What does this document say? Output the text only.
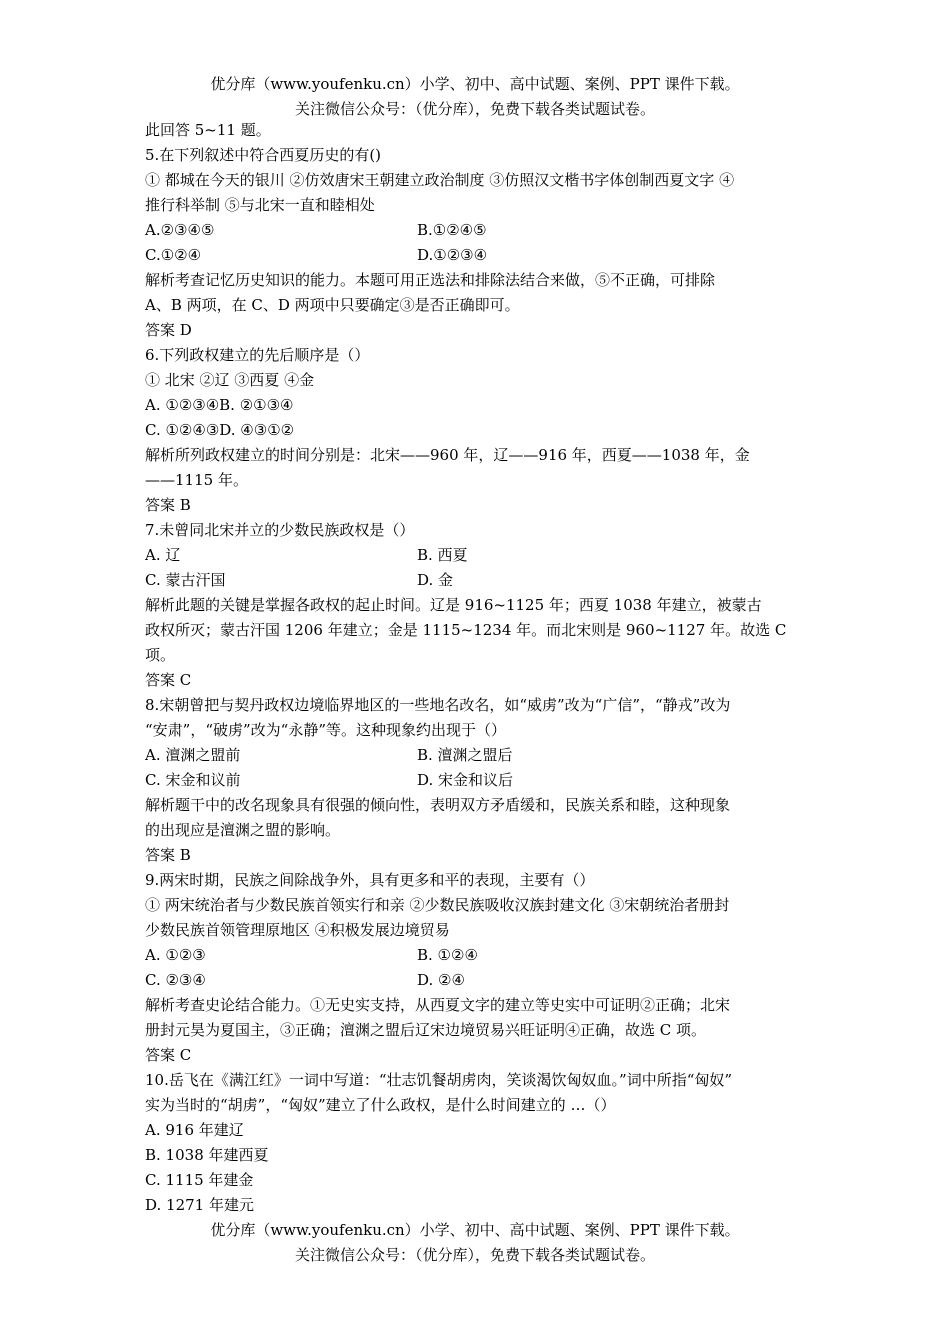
优分库（www.youfenku.cn）小学、初中、高中试题、案例、PPT 课件下载。
关注微信公众号：（优分库），免费下载各类试题试卷。
此回答 5~11 题。
5.在下列叙述中符合西夏历史的有()
① 都城在今天的银川 ②仿效唐宋王朝建立政治制度 ③仿照汉文楷书字体创制西夏文字 ④
推行科举制 ⑤与北宋一直和睦相处
A.②③④⑤	B.①②④⑤
C.①②④	D.①②③④
解析考查记忆历史知识的能力。本题可用正选法和排除法结合来做，⑤不正确，可排除
A、B 两项，在 C、D 两项中只要确定③是否正确即可。
答案 D
6.下列政权建立的先后顺序是（）
① 北宋 ②辽 ③西夏 ④金
A. ①②③④B. ②①③④
C. ①②④③D. ④③①②
解析所列政权建立的时间分别是：北宋——960 年，辽——916 年，西夏——1038 年，金
——1115 年。
答案 B
7.未曾同北宋并立的少数民族政权是（）
A. 辽	B. 西夏
C. 蒙古汗国	D. 金
解析此题的关键是掌握各政权的起止时间。辽是 916~1125 年；西夏 1038 年建立，被蒙古
政权所灭；蒙古汗国 1206 年建立；金是 1115~1234 年。而北宋则是 960~1127 年。故选 C
项。
答案 C
8.宋朝曾把与契丹政权边境临界地区的一些地名改名，如“威虏”改为“广信”，“静戎”改为
“安肃”，“破虏”改为“永静”等。这种现象约出现于（）
A. 澶渊之盟前	B. 澶渊之盟后
C. 宋金和议前	D. 宋金和议后
解析题干中的改名现象具有很强的倾向性，表明双方矛盾缓和，民族关系和睦，这种现象
的出现应是澶渊之盟的影响。
答案 B
9.两宋时期，民族之间除战争外，具有更多和平的表现，主要有（）
① 两宋统治者与少数民族首领实行和亲 ②少数民族吸收汉族封建文化 ③宋朝统治者册封
少数民族首领管理原地区 ④积极发展边境贸易
A. ①②③	B. ①②④
C. ②③④	D. ②④
解析考查史论结合能力。①无史实支持，从西夏文字的建立等史实中可证明②正确；北宋
册封元昊为夏国主，③正确；澶渊之盟后辽宋边境贸易兴旺证明④正确，故选 C 项。
答案 C
10.岳飞在《满江红》一词中写道：“壮志饥餐胡虏肉，笑谈渴饮匈奴血。”词中所指“匈奴”
实为当时的“胡虏”，“匈奴”建立了什么政权，是什么时间建立的 …（）
A. 916 年建辽
B. 1038 年建西夏
C. 1115 年建金
D. 1271 年建元
优分库（www.youfenku.cn）小学、初中、高中试题、案例、PPT 课件下载。
关注微信公众号：（优分库），免费下载各类试题试卷。
